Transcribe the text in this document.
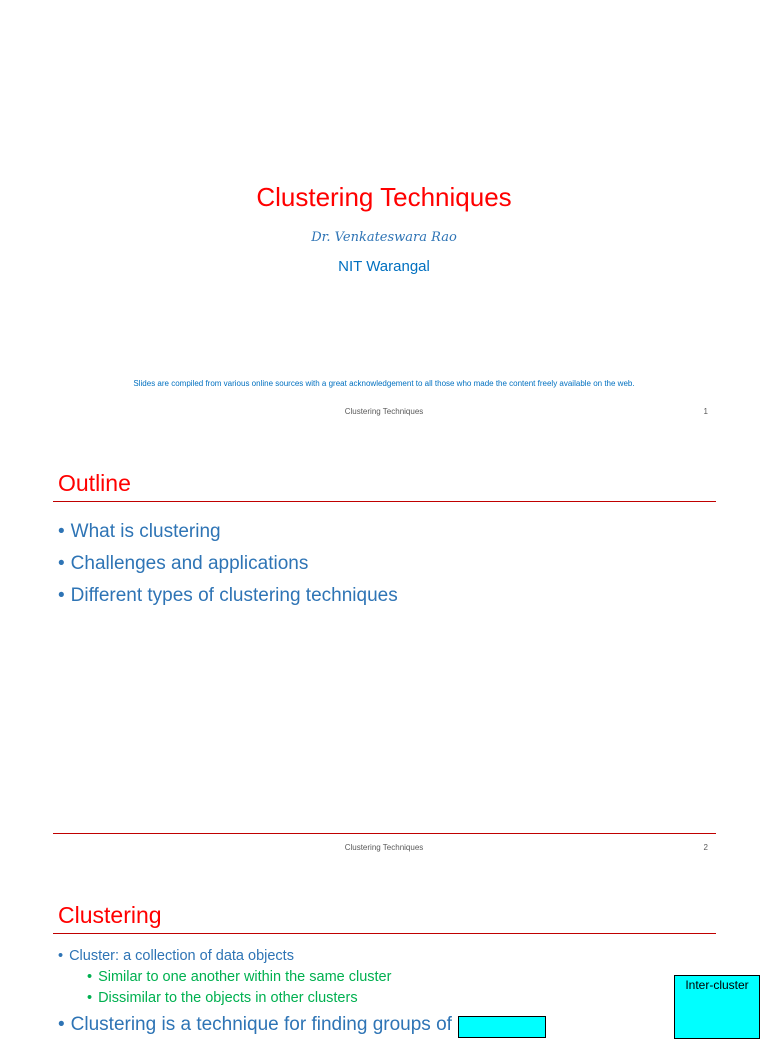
Clustering Techniques
Dr. Venkateswara Rao
NIT Warangal
Slides are compiled from various online sources with a great acknowledgement to all those who made the content freely available on the web.
Clustering Techniques	1
Outline
• What is clustering
• Challenges and applications
• Different types of clustering techniques
Clustering Techniques	2
Clustering
• Cluster: a collection of data objects
• Similar to one another within the same cluster
• Dissimilar to the objects in other clusters
• Clustering is a technique for finding groups of
Inter-cluster
